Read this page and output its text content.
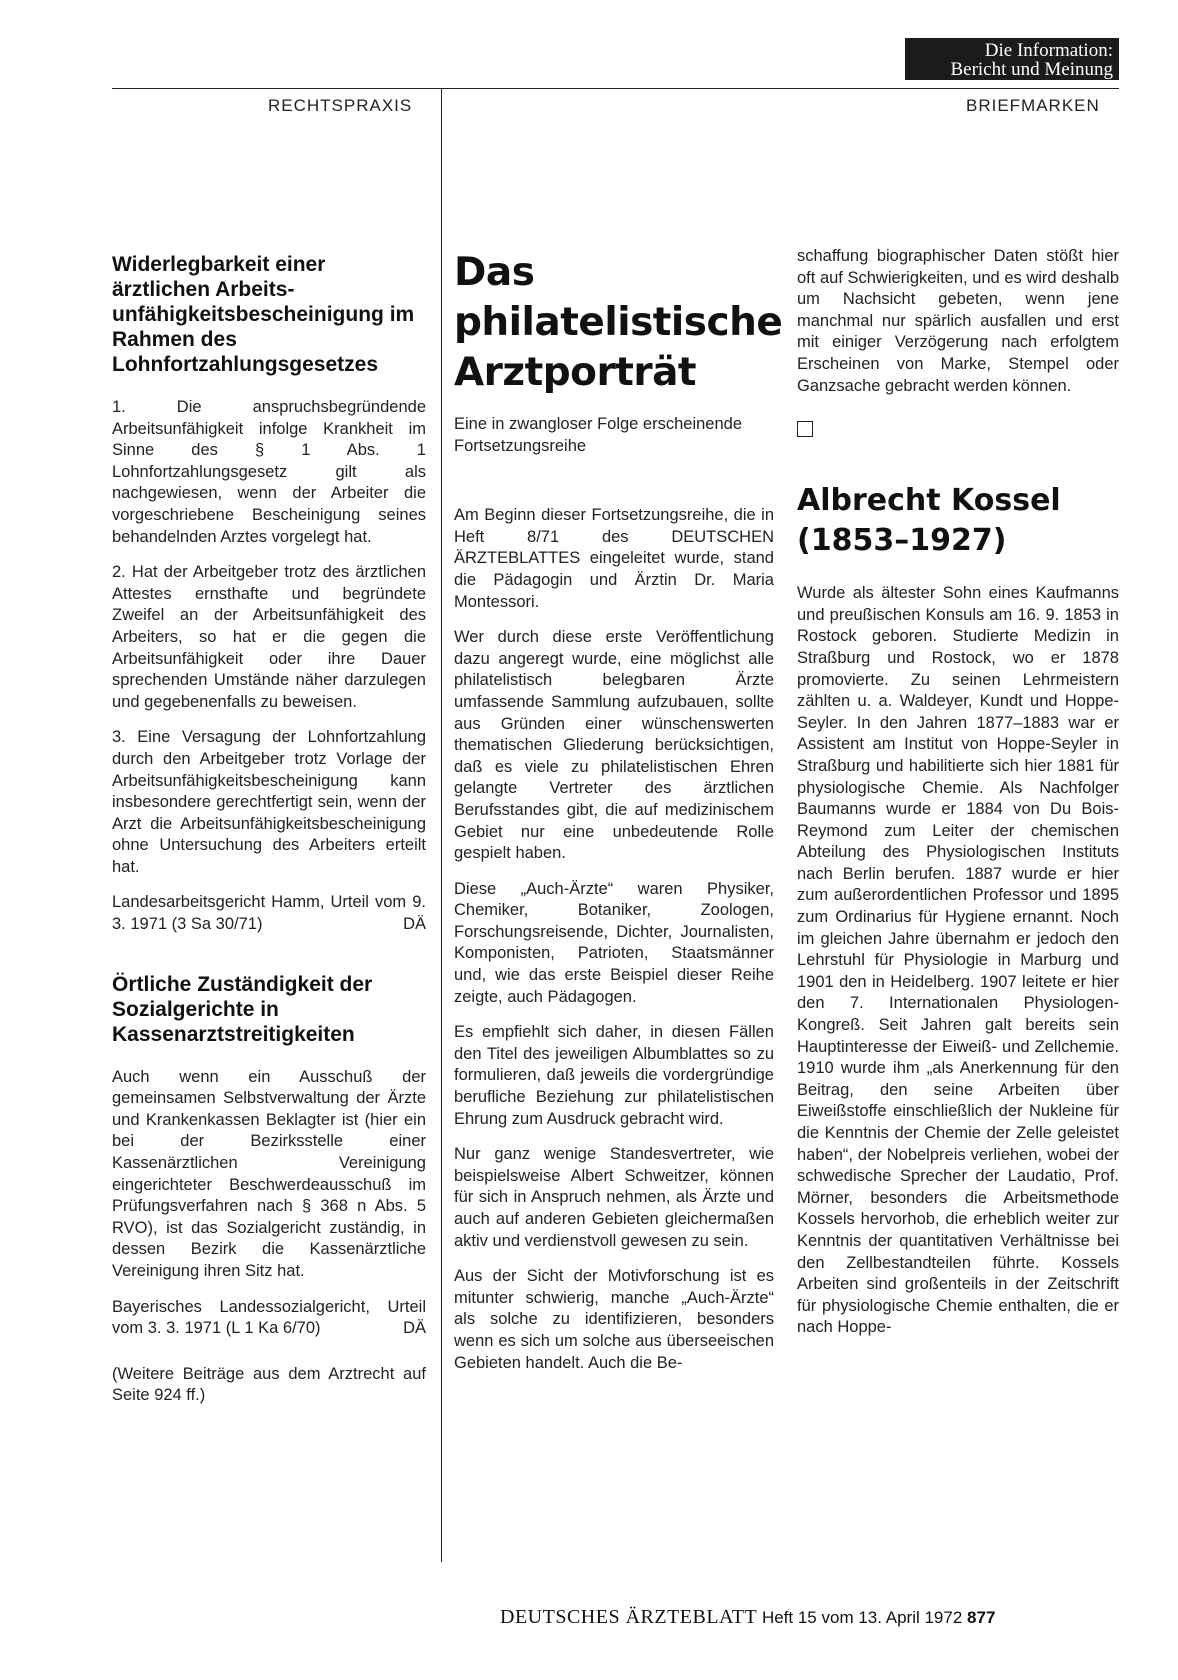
Die Information:
Bericht und Meinung
RECHTSPRAXIS	BRIEFMARKEN
Widerlegbarkeit einer ärztlichen Arbeitsunfähigkeitsbescheinigung im Rahmen des Lohnfortzahlungsgesetzes

1. Die anspruchsbegründende Arbeitsunfähigkeit infolge Krankheit im Sinne des § 1 Abs. 1 Lohnfortzahlungsgesetz gilt als nachgewiesen, wenn der Arbeiter die vorgeschriebene Bescheinigung seines behandelnden Arztes vorgelegt hat.

2. Hat der Arbeitgeber trotz des ärztlichen Attestes ernsthafte und begründete Zweifel an der Arbeitsunfähigkeit des Arbeiters, so hat er die gegen die Arbeitsunfähigkeit oder ihre Dauer sprechenden Umstände näher darzulegen und gegebenenfalls zu beweisen.

3. Eine Versagung der Lohnfortzahlung durch den Arbeitgeber trotz Vorlage der Arbeitsunfähigkeitsbescheinigung kann insbesondere gerechtfertigt sein, wenn der Arzt die Arbeitsunfähigkeitsbescheinigung ohne Untersuchung des Arbeiters erteilt hat.

Landesarbeitsgericht Hamm, Urteil vom 9. 3. 1971 (3 Sa 30/71)	DÄ

Örtliche Zuständigkeit der Sozialgerichte in Kassenarztstreitigkeiten

Auch wenn ein Ausschuß der gemeinsamen Selbstverwaltung der Ärzte und Krankenkassen Beklagter ist (hier ein bei der Bezirksstelle einer Kassenärztlichen Vereinigung eingerichteter Beschwerdeausschuß im Prüfungsverfahren nach § 368 n Abs. 5 RVO), ist das Sozialgericht zuständig, in dessen Bezirk die Kassenärztliche Vereinigung ihren Sitz hat.

Bayerisches Landessozialgericht, Urteil vom 3. 3. 1971 (L 1 Ka 6/70)	DÄ

(Weitere Beiträge aus dem Arztrecht auf Seite 924 ff.)

Das
philatelistische
Arztporträt
Eine in zwangloser Folge erscheinende Fortsetzungsreihe

Am Beginn dieser Fortsetzungsreihe, die in Heft 8/71 des DEUTSCHEN ÄRZTEBLATTES eingeleitet wurde, stand die Pädagogin und Ärztin Dr. Maria Montessori.

Wer durch diese erste Veröffentlichung dazu angeregt wurde, eine möglichst alle philatelistisch belegbaren Ärzte umfassende Sammlung aufzubauen, sollte aus Gründen einer wünschenswerten thematischen Gliederung berücksichtigen, daß es viele zu philatelistischen Ehren gelangte Vertreter des ärztlichen Berufsstandes gibt, die auf medizinischem Gebiet nur eine unbedeutende Rolle gespielt haben.

Diese „Auch-Ärzte“ waren Physiker, Chemiker, Botaniker, Zoologen, Forschungsreisende, Dichter, Journalisten, Komponisten, Patrioten, Staatsmänner und, wie das erste Beispiel dieser Reihe zeigte, auch Pädagogen.

Es empfiehlt sich daher, in diesen Fällen den Titel des jeweiligen Albumblattes so zu formulieren, daß jeweils die vordergründige berufliche Beziehung zur philatelistischen Ehrung zum Ausdruck gebracht wird.

Nur ganz wenige Standesvertreter, wie beispielsweise Albert Schweitzer, können für sich in Anspruch nehmen, als Ärzte und auch auf anderen Gebieten gleichermaßen aktiv und verdienstvoll gewesen zu sein.

Aus der Sicht der Motivforschung ist es mitunter schwierig, manche „Auch-Ärzte“ als solche zu identifizieren, besonders wenn es sich um solche aus überseeischen Gebieten handelt. Auch die Be-

schaffung biographischer Daten stößt hier oft auf Schwierigkeiten, und es wird deshalb um Nachsicht gebeten, wenn jene manchmal nur spärlich ausfallen und erst mit einiger Verzögerung nach erfolgtem Erscheinen von Marke, Stempel oder Ganzsache gebracht werden können.

Albrecht Kossel
(1853–1927)

Wurde als ältester Sohn eines Kaufmanns und preußischen Konsuls am 16. 9. 1853 in Rostock geboren. Studierte Medizin in Straßburg und Rostock, wo er 1878 promovierte. Zu seinen Lehrmeistern zählten u. a. Waldeyer, Kundt und Hoppe-Seyler. In den Jahren 1877–1883 war er Assistent am Institut von Hoppe-Seyler in Straßburg und habilitierte sich hier 1881 für physiologische Chemie. Als Nachfolger Baumanns wurde er 1884 von Du Bois-Reymond zum Leiter der chemischen Abteilung des Physiologischen Instituts nach Berlin berufen. 1887 wurde er hier zum außerordentlichen Professor und 1895 zum Ordinarius für Hygiene ernannt. Noch im gleichen Jahre übernahm er jedoch den Lehrstuhl für Physiologie in Marburg und 1901 den in Heidelberg. 1907 leitete er hier den 7. Internationalen Physiologen-Kongreß. Seit Jahren galt bereits sein Hauptinteresse der Eiweiß- und Zellchemie. 1910 wurde ihm „als Anerkennung für den Beitrag, den seine Arbeiten über Eiweißstoffe einschließlich der Nukleine für die Kenntnis der Chemie der Zelle geleistet haben“, der Nobelpreis verliehen, wobei der schwedische Sprecher der Laudatio, Prof. Mörner, besonders die Arbeitsmethode Kossels hervorhob, die erheblich weiter zur Kenntnis der quantitativen Verhältnisse bei den Zellbestandteilen führte. Kossels Arbeiten sind großenteils in der Zeitschrift für physiologische Chemie enthalten, die er nach Hoppe-

DEUTSCHES ÄRZTEBLATT Heft 15 vom 13. April 1972 877
